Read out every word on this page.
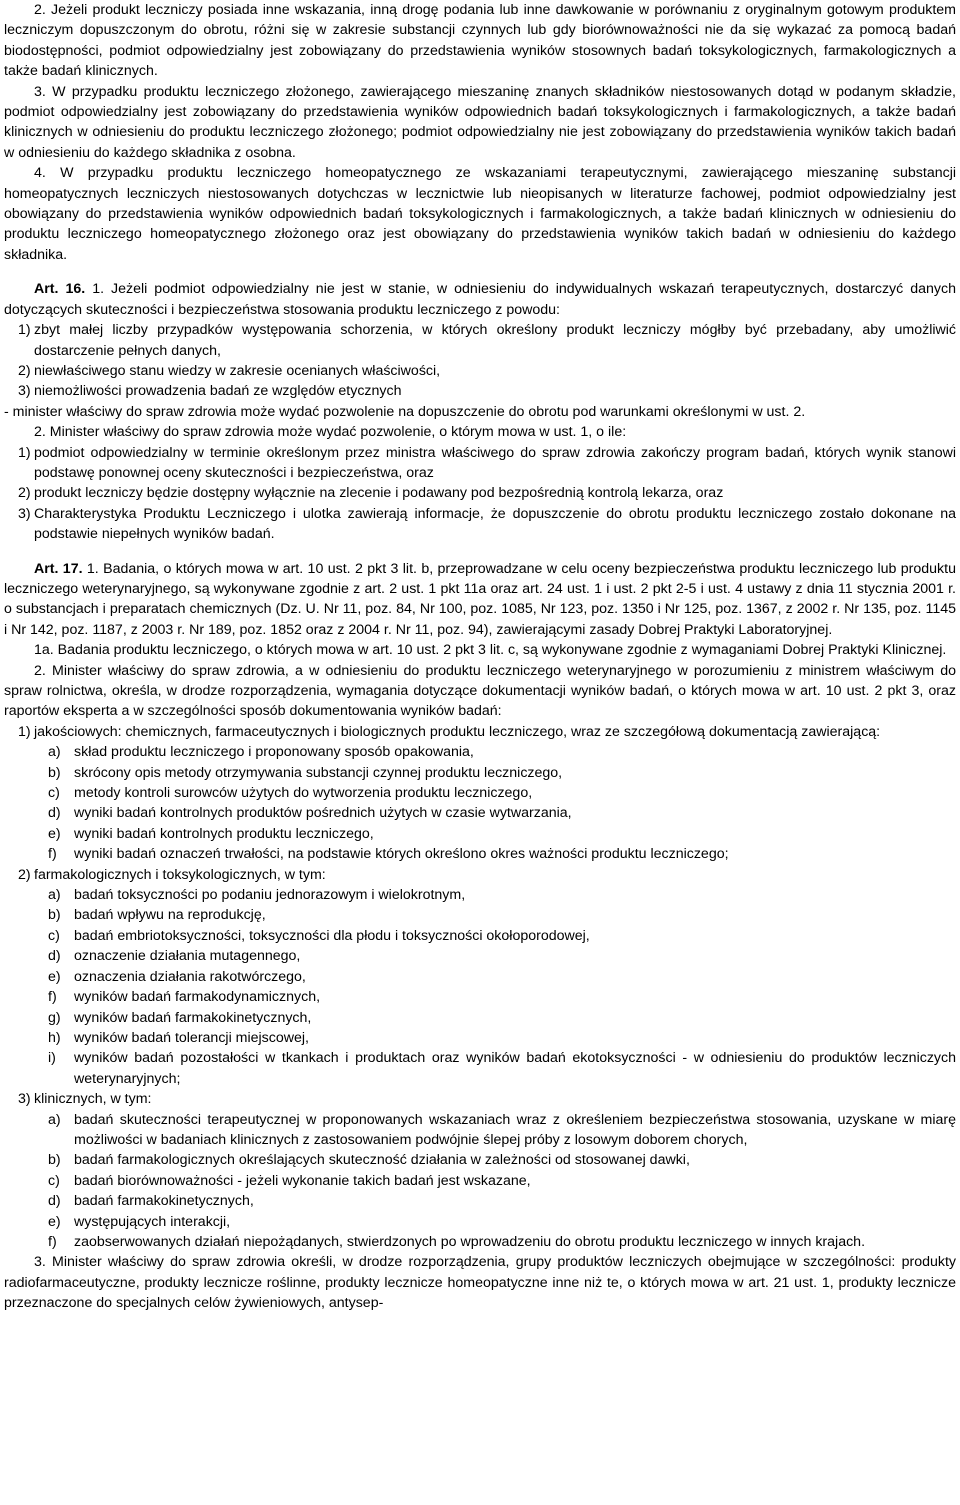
2. Jeżeli produkt leczniczy posiada inne wskazania, inną drogę podania lub inne dawkowanie w porównaniu z oryginalnym gotowym produktem leczniczym dopuszczonym do obrotu, różni się w zakresie substancji czynnych lub gdy biorównoważności nie da się wykazać za pomocą badań biodostępności, podmiot odpowiedzialny jest zobowiązany do przedstawienia wyników stosownych badań toksykologicznych, farmakologicznych a także badań klinicznych.

3. W przypadku produktu leczniczego złożonego, zawierającego mieszaninę znanych składników niestosowanych dotąd w podanym składzie, podmiot odpowiedzialny jest zobowiązany do przedstawienia wyników odpowiednich badań toksykologicznych i farmakologicznych, a także badań klinicznych w odniesieniu do produktu leczniczego złożonego; podmiot odpowiedzialny nie jest zobowiązany do przedstawienia wyników takich badań w odniesieniu do każdego składnika z osobna.

4. W przypadku produktu leczniczego homeopatycznego ze wskazaniami terapeutycznymi, zawierającego mieszaninę substancji homeopatycznych leczniczych niestosowanych dotychczas w lecznictwie lub nieopisanych w literaturze fachowej, podmiot odpowiedzialny jest obowiązany do przedstawienia wyników odpowiednich badań toksykologicznych i farmakologicznych, a także badań klinicznych w odniesieniu do produktu leczniczego homeopatycznego złożonego oraz jest obowiązany do przedstawienia wyników takich badań w odniesieniu do każdego składnika.

Art. 16. 1. Jeżeli podmiot odpowiedzialny nie jest w stanie, w odniesieniu do indywidualnych wskazań terapeutycznych, dostarczyć danych dotyczących skuteczności i bezpieczeństwa stosowania produktu leczniczego z powodu:

1) zbyt małej liczby przypadków występowania schorzenia, w których określony produkt leczniczy mógłby być przebadany, aby umożliwić dostarczenie pełnych danych,
2) niewłaściwego stanu wiedzy w zakresie ocenianych właściwości,
3) niemożliwości prowadzenia badań ze względów etycznych

- minister właściwy do spraw zdrowia może wydać pozwolenie na dopuszczenie do obrotu pod warunkami określonymi w ust. 2.

2. Minister właściwy do spraw zdrowia może wydać pozwolenie, o którym mowa w ust. 1, o ile:

1) podmiot odpowiedzialny w terminie określonym przez ministra właściwego do spraw zdrowia zakończy program badań, których wynik stanowi podstawę ponownej oceny skuteczności i bezpieczeństwa, oraz
2) produkt leczniczy będzie dostępny wyłącznie na zlecenie i podawany pod bezpośrednią kontrolą lekarza, oraz
3) Charakterystyka Produktu Leczniczego i ulotka zawierają informacje, że dopuszczenie do obrotu produktu leczniczego zostało dokonane na podstawie niepełnych wyników badań.

Art. 17. 1. Badania, o których mowa w art. 10 ust. 2 pkt 3 lit. b, przeprowadzane w celu oceny bezpieczeństwa produktu leczniczego lub produktu leczniczego weterynaryjnego, są wykonywane zgodnie z art. 2 ust. 1 pkt 11a oraz art. 24 ust. 1 i ust. 2 pkt 2-5 i ust. 4 ustawy z dnia 11 stycznia 2001 r. o substancjach i preparatach chemicznych (Dz. U. Nr 11, poz. 84, Nr 100, poz. 1085, Nr 123, poz. 1350 i Nr 125, poz. 1367, z 2002 r. Nr 135, poz. 1145 i Nr 142, poz. 1187, z 2003 r. Nr 189, poz. 1852 oraz z 2004 r. Nr 11, poz. 94), zawierającymi zasady Dobrej Praktyki Laboratoryjnej.

1a. Badania produktu leczniczego, o których mowa w art. 10 ust. 2 pkt 3 lit. c, są wykonywane zgodnie z wymaganiami Dobrej Praktyki Klinicznej.

2. Minister właściwy do spraw zdrowia, a w odniesieniu do produktu leczniczego weterynaryjnego w porozumieniu z ministrem właściwym do spraw rolnictwa, określa, w drodze rozporządzenia, wymagania dotyczące dokumentacji wyników badań, o których mowa w art. 10 ust. 2 pkt 3, oraz raportów eksperta a w szczególności sposób dokumentowania wyników badań:

1) jakościowych: chemicznych, farmaceutycznych i biologicznych produktu leczniczego, wraz ze szczegółową dokumentacją zawierającą:
a) skład produktu leczniczego i proponowany sposób opakowania,
b) skrócony opis metody otrzymywania substancji czynnej produktu leczniczego,
c) metody kontroli surowców użytych do wytworzenia produktu leczniczego,
d) wyniki badań kontrolnych produktów pośrednich użytych w czasie wytwarzania,
e) wyniki badań kontrolnych produktu leczniczego,
f)	wyniki badań oznaczeń trwałości, na podstawie których określono okres ważności produktu leczniczego;
2) farmakologicznych i toksykologicznych, w tym:
a) badań toksyczności po podaniu jednorazowym i wielokrotnym,
b) badań wpływu na reprodukcję,
c) badań embriotoksyczności, toksyczności dla płodu i toksyczności okołoporodowej,
d) oznaczenie działania mutagennego,
e) oznaczenia działania rakotwórczego,
f)	wyników badań farmakodynamicznych,
g) wyników badań farmakokinetycznych,
h) wyników badań tolerancji miejscowej,
i)	wyników badań pozostałości w tkankach i produktach oraz wyników badań ekotoksyczności - w odniesieniu do produktów leczniczych weterynaryjnych;
3) klinicznych, w tym:
a) badań skuteczności terapeutycznej w proponowanych wskazaniach wraz z określeniem bezpieczeństwa stosowania, uzyskane w miarę możliwości w badaniach klinicznych z zastosowaniem podwójnie ślepej próby z losowym doborem chorych,
b) badań farmakologicznych określających skuteczność działania w zależności od stosowanej dawki,
c) badań biorównoważności - jeżeli wykonanie takich badań jest wskazane,
d) badań farmakokinetycznych,
e) występujących interakcji,
f)	zaobserwowanych działań niepożądanych, stwierdzonych po wprowadzeniu do obrotu produktu leczniczego w innych krajach.

3. Minister właściwy do spraw zdrowia określi, w drodze rozporządzenia, grupy produktów leczniczych obejmujące w szczególności: produkty radiofarmaceutyczne, produkty lecznicze roślinne, produkty lecznicze homeopatyczne inne niż te, o których mowa w art. 21 ust. 1, produkty lecznicze przeznaczone do specjalnych celów żywieniowych, antysep-
